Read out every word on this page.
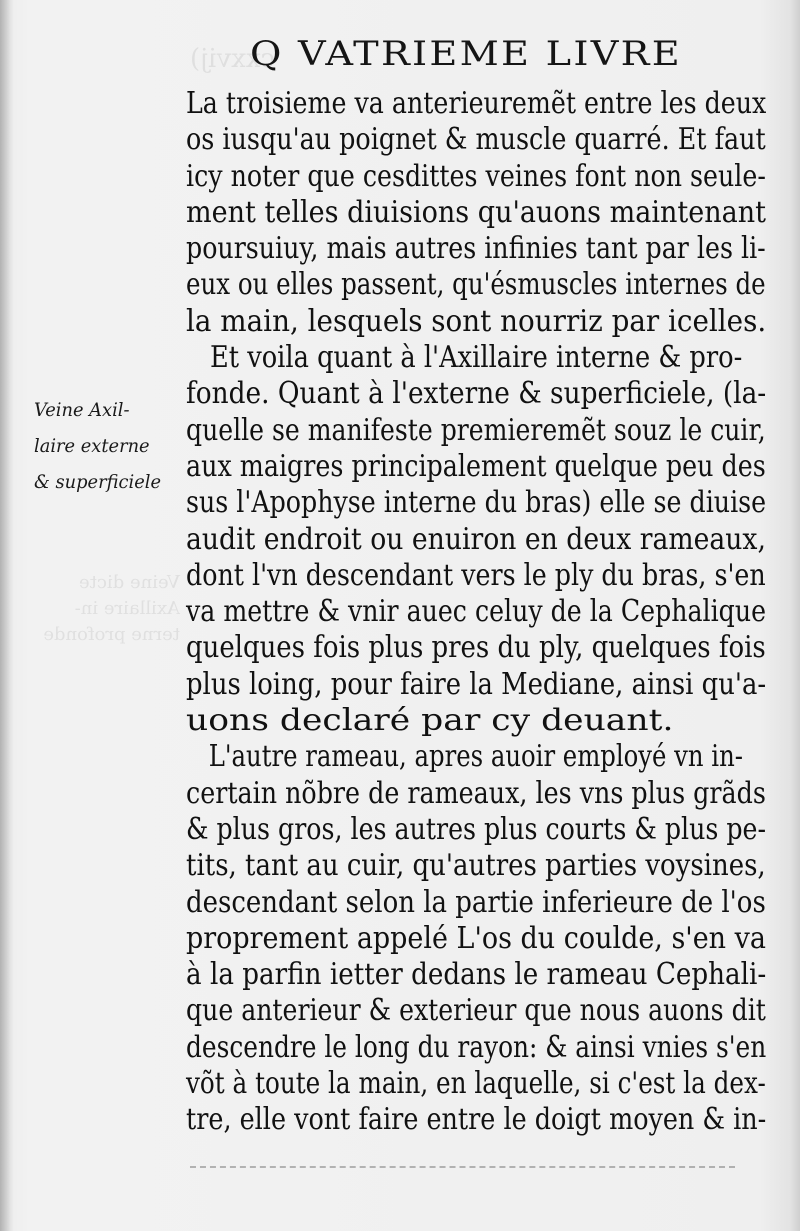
cxxvij)
Veine dicte
Axillaire in-
terne profonde
Q VATRIEME LIVRE
Veine Axil-
laire externe
& superficiele
La troisieme va anterieuremẽt entre les deux
os iusqu'au poignet & muscle quarré. Et faut
icy noter que cesdittes veines font non seule-
ment telles diuisions qu'auons maintenant
poursuiuy, mais autres infinies tant par les li-
eux ou elles passent, qu'ésmuscles internes de
la main, lesquels sont nourriz par icelles.
Et voila quant à l'Axillaire interne & pro-
fonde. Quant à l'externe & superficiele, (la-
quelle se manifeste premieremẽt souz le cuir,
aux maigres principalement quelque peu des
sus l'Apophyse interne du bras) elle se diuise
audit endroit ou enuiron en deux rameaux,
dont l'vn descendant vers le ply du bras, s'en
va mettre & vnir auec celuy de la Cephalique
quelques fois plus pres du ply, quelques fois
plus loing, pour faire la Mediane, ainsi qu'a-
uons declaré par cy deuant.
L'autre rameau, apres auoir employé vn in-
certain nõbre de rameaux, les vns plus grãds
& plus gros, les autres plus courts & plus pe-
tits, tant au cuir, qu'autres parties voysines,
descendant selon la partie inferieure de l'os
proprement appelé L'os du coulde, s'en va
à la parfin ietter dedans le rameau Cephali-
que anterieur & exterieur que nous auons dit
descendre le long du rayon: & ainsi vnies s'en
võt à toute la main, en laquelle, si c'est la dex-
tre, elle vont faire entre le doigt moyen & in-
